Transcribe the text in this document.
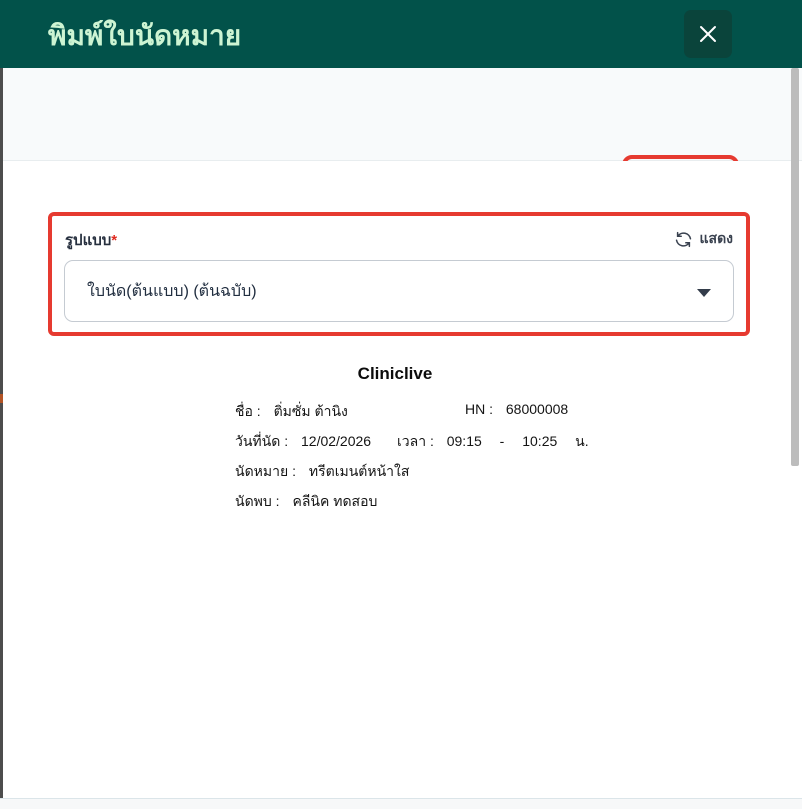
พิมพ์ใบนัดหมาย
รูปแบบ*	แสดง
ใบนัด(ต้นแบบ) (ต้นฉบับ)
Cliniclive
ชื่อ : ติ่มซั่ม ต้านิง	HN : 68000008
วันที่นัด : 12/02/2026 เวลา : 09:15 - 10:25 น.
นัดหมาย : ทรีตเมนต์หน้าใส
นัดพบ : คลีนิค ทดสอบ
